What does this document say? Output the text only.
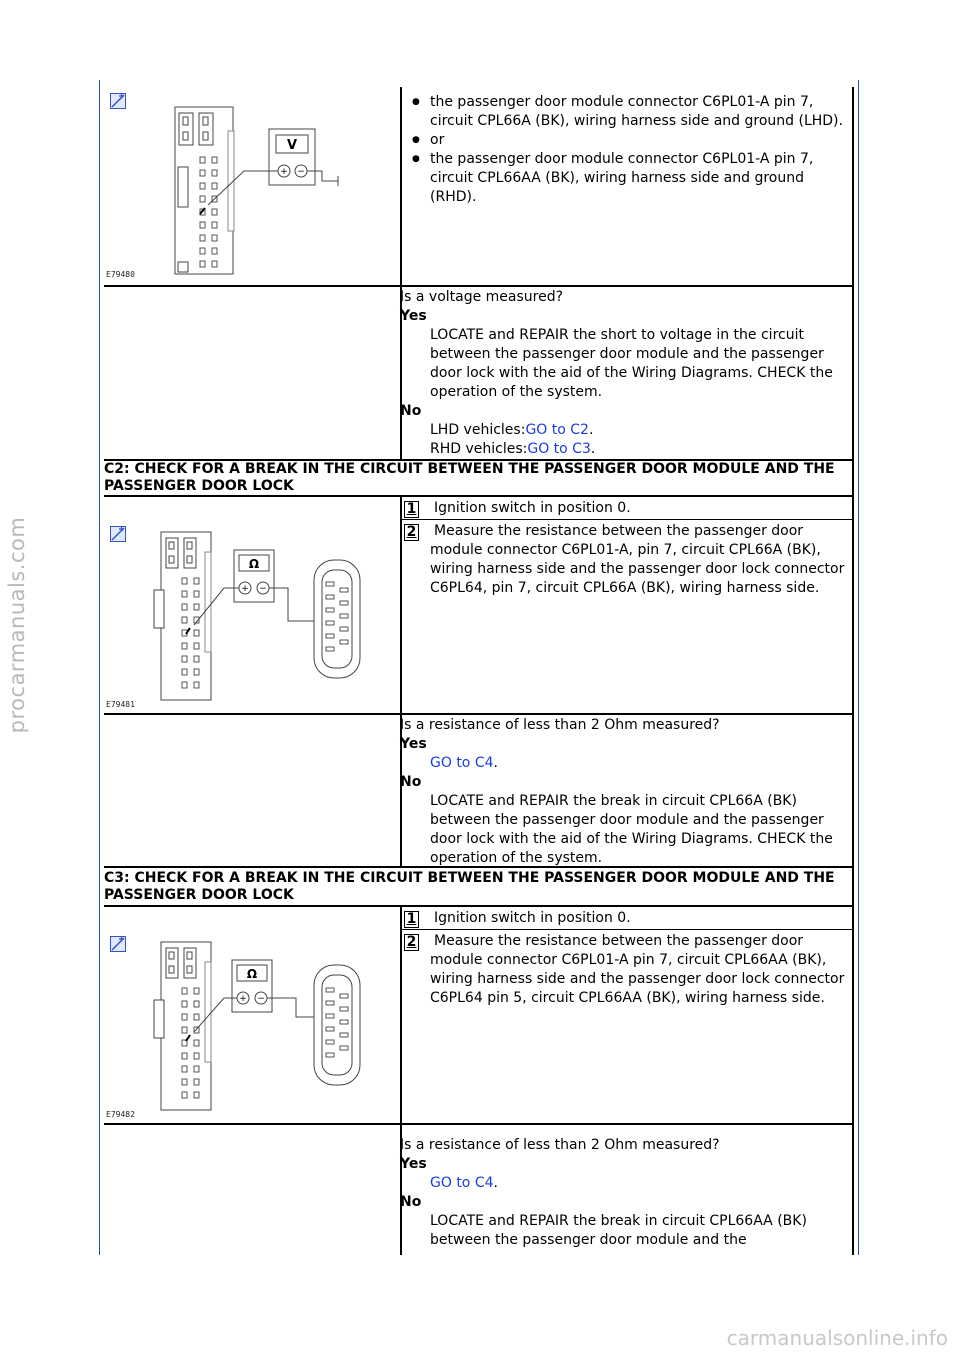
procarmanuals.com
carmanualsonline.info
V
+ −
E79480
● the passenger door module connector C6PL01-A pin 7, circuit CPL66A (BK), wiring harness side and ground (LHD).
● or
● the passenger door module connector C6PL01-A pin 7, circuit CPL66AA (BK), wiring harness side and ground (RHD).
Is a voltage measured?
Yes
LOCATE and REPAIR the short to voltage in the circuit between the passenger door module and the passenger door lock with the aid of the Wiring Diagrams. CHECK the operation of the system.
No
LHD vehicles:GO to C2.
RHD vehicles:GO to C3.
C2: CHECK FOR A BREAK IN THE CIRCUIT BETWEEN THE PASSENGER DOOR MODULE AND THE PASSENGER DOOR LOCK
1 Ignition switch in position 0.
Ω
+ −
E79481
2 Measure the resistance between the passenger door module connector C6PL01-A, pin 7, circuit CPL66A (BK), wiring harness side and the passenger door lock connector C6PL64, pin 7, circuit CPL66A (BK), wiring harness side.
Is a resistance of less than 2 Ohm measured?
Yes
GO to C4.
No
LOCATE and REPAIR the break in circuit CPL66A (BK) between the passenger door module and the passenger door lock with the aid of the Wiring Diagrams. CHECK the operation of the system.
C3: CHECK FOR A BREAK IN THE CIRCUIT BETWEEN THE PASSENGER DOOR MODULE AND THE PASSENGER DOOR LOCK
1 Ignition switch in position 0.
Ω
+ −
E79482
2 Measure the resistance between the passenger door module connector C6PL01-A pin 7, circuit CPL66AA (BK), wiring harness side and the passenger door lock connector C6PL64 pin 5, circuit CPL66AA (BK), wiring harness side.
Is a resistance of less than 2 Ohm measured?
Yes
GO to C4.
No
LOCATE and REPAIR the break in circuit CPL66AA (BK) between the passenger door module and the
